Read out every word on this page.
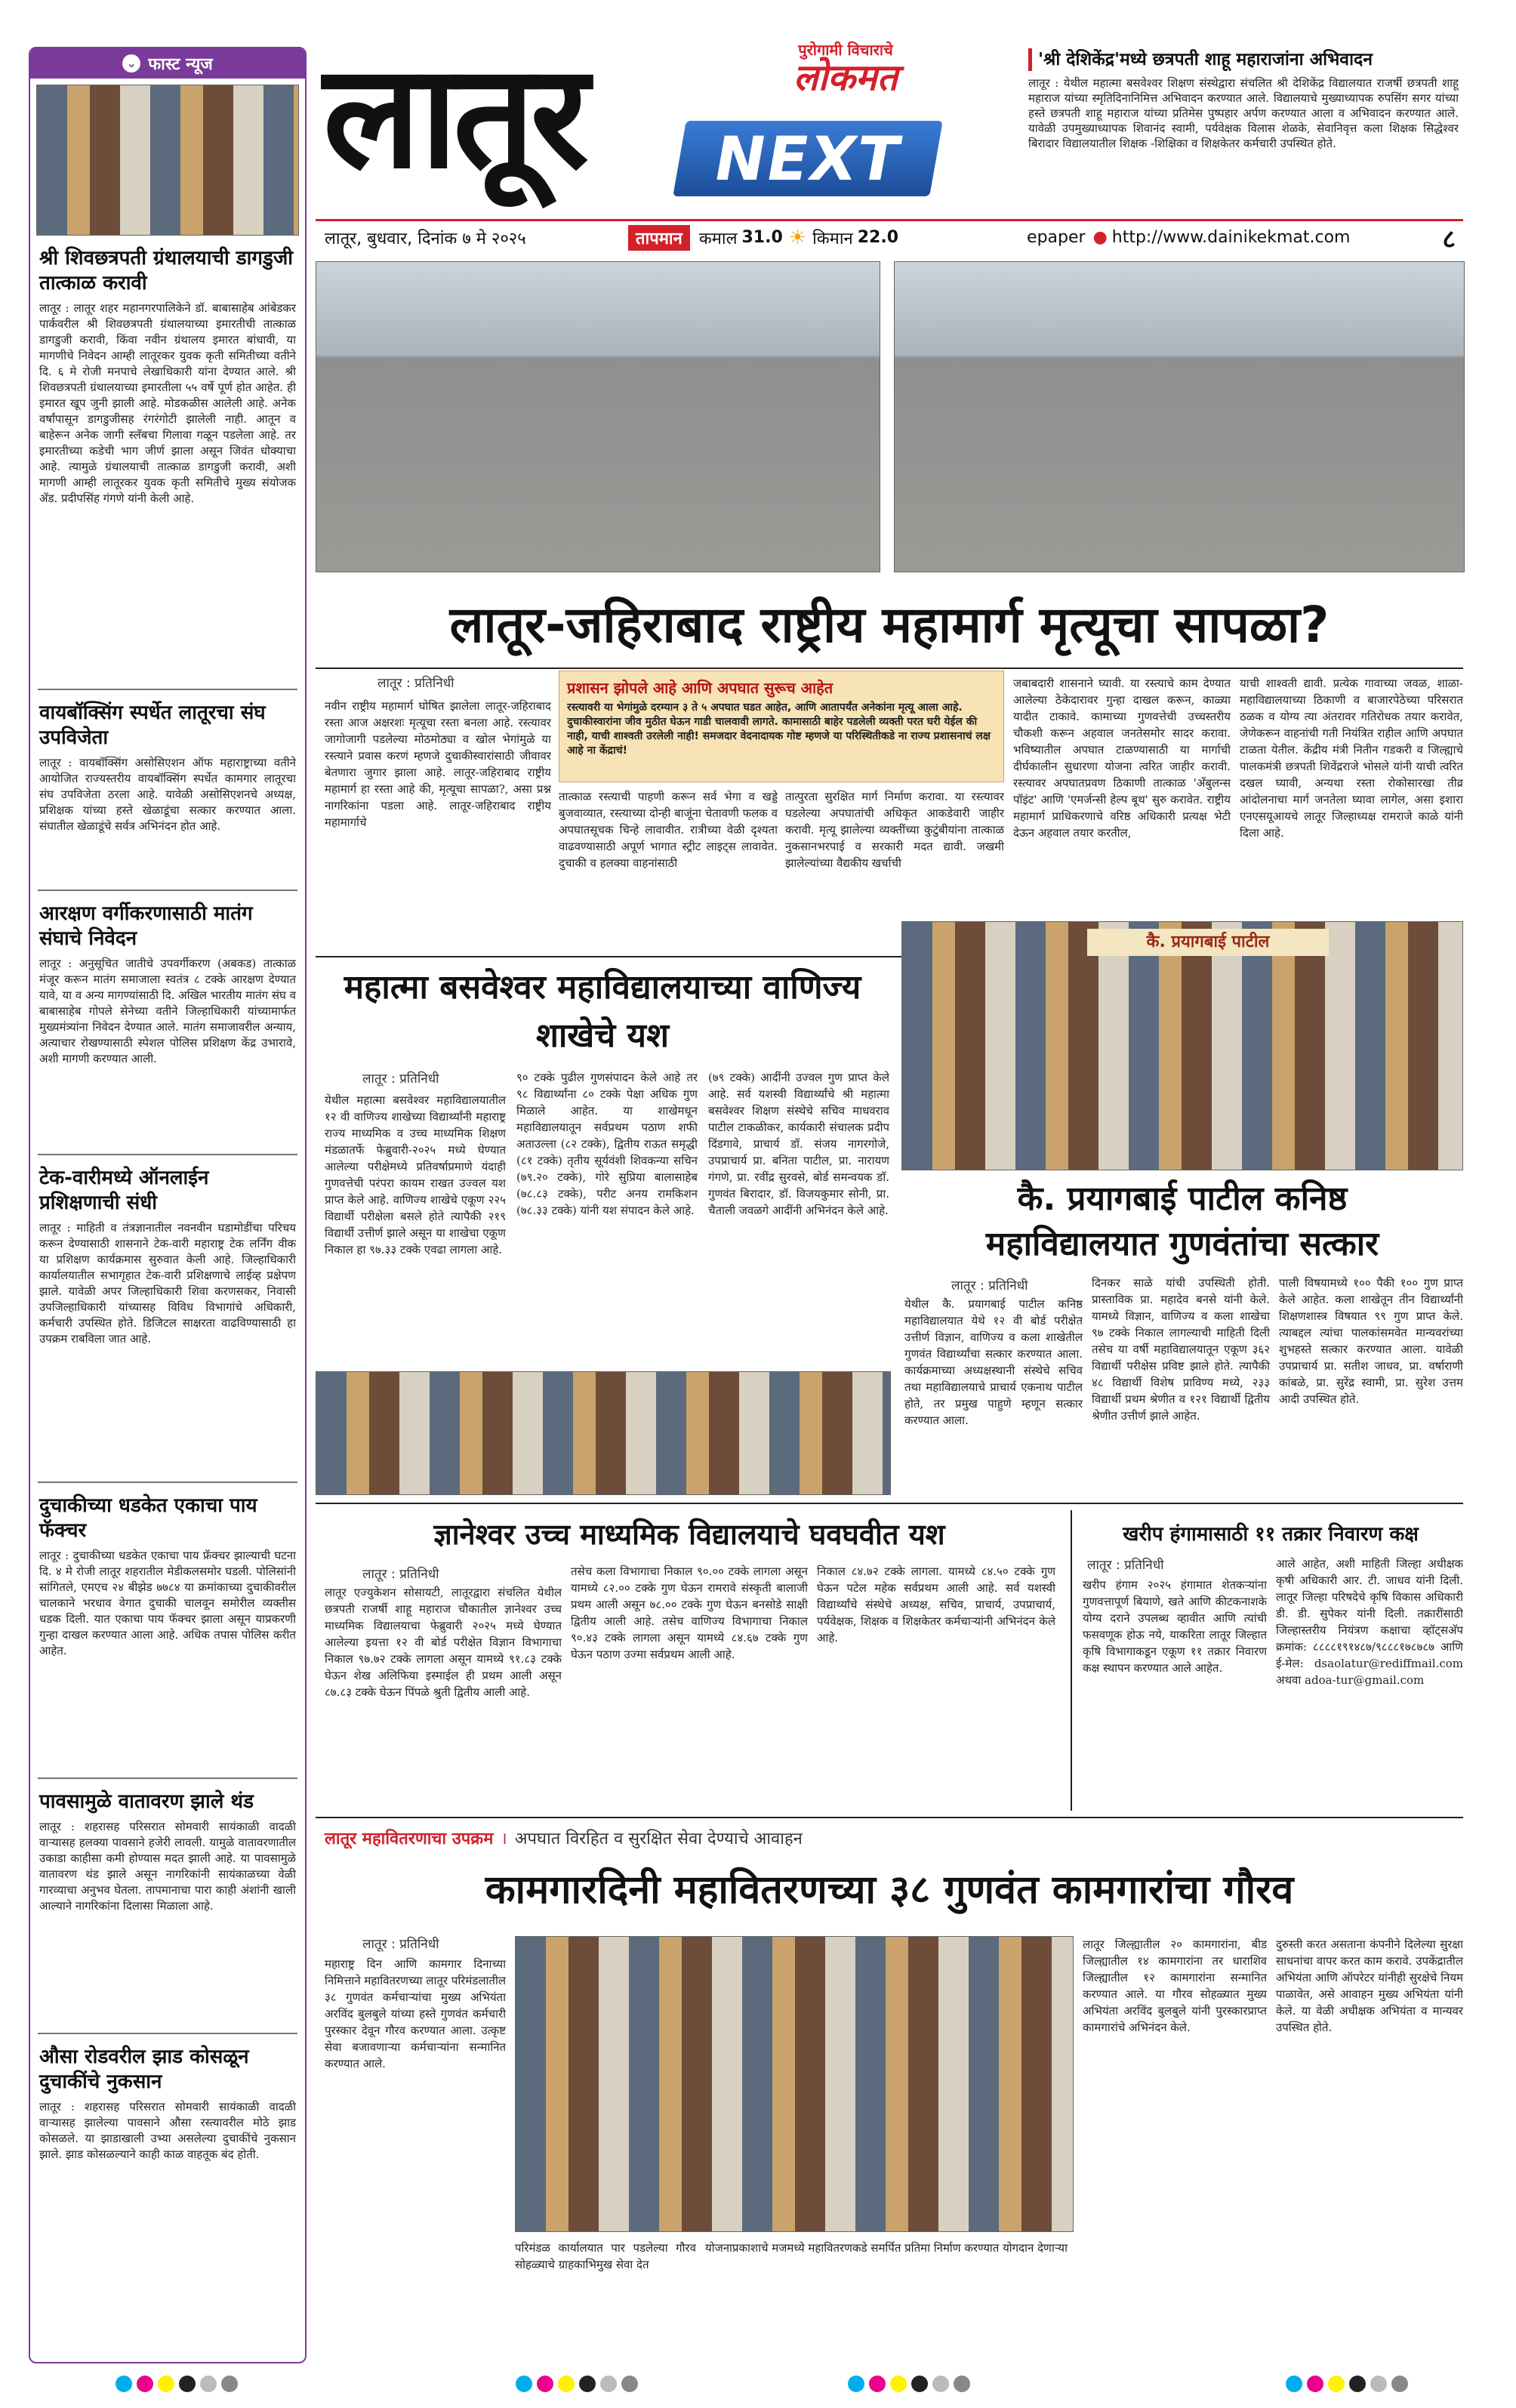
⌄ फास्ट न्यूज
श्री शिवछत्रपती ग्रंथालयाची डागडुजी तात्काळ करावी
लातूर : लातूर शहर महानगरपालिकेने डॉ. बाबासाहेब आंबेडकर पार्कवरील श्री शिवछत्रपती ग्रंथालयाच्या इमारतीची तात्काळ डागडुजी करावी, किंवा नवीन ग्रंथालय इमारत बांधावी, या मागणीचे निवेदन आम्ही लातूरकर युवक कृती समितीच्या वतीने दि. ६ मे रोजी मनपाचे लेखाधिकारी यांना देण्यात आले. श्री शिवछत्रपती ग्रंथालयाच्या इमारतीला ५५ वर्षे पूर्ण होत आहेत. ही इमारत खूप जुनी झाली आहे. मोडकळीस आलेली आहे. अनेक वर्षांपासून डागडुजीसह रंगरंगोटी झालेली नाही. आतून व बाहेरून अनेक जागी स्लॅबचा गिलावा गळून पडलेला आहे. तर इमारतीच्या कडेची भाग जीर्ण झाला असून जिवंत धोक्याचा आहे. त्यामुळे ग्रंथालयाची तात्काळ डागडुजी करावी, अशी मागणी आम्ही लातूरकर युवक कृती समितीचे मुख्य संयोजक ॲड. प्रदीपसिंह गंगणे यांनी केली आहे.
वायबॉक्सिंग स्पर्धेत लातूरचा संघ उपविजेता
लातूर : वायबॉक्सिंग असोसिएशन ऑफ महाराष्ट्राच्या वतीने आयोजित राज्यस्तरीय वायबॉक्सिंग स्पर्धेत कामगार लातूरचा संघ उपविजेता ठरला आहे. यावेळी असोसिएशनचे अध्यक्ष, प्रशिक्षक यांच्या हस्ते खेळाडूंचा सत्कार करण्यात आला. संघातील खेळाडूंचे सर्वत्र अभिनंदन होत आहे.
आरक्षण वर्गीकरणासाठी मातंग संघाचे निवेदन
लातूर : अनुसूचित जातीचे उपवर्गीकरण (अबकड) तात्काळ मंजूर करून मातंग समाजाला स्वतंत्र ८ टक्के आरक्षण देण्यात यावे, या व अन्य मागण्यांसाठी दि. अखिल भारतीय मातंग संघ व बाबासाहेब गोपले सेनेच्या वतीने जिल्हाधिकारी यांच्यामार्फत मुख्यमंत्र्यांना निवेदन देण्यात आले. मातंग समाजावरील अन्याय, अत्याचार रोखण्यासाठी स्पेशल पोलिस प्रशिक्षण केंद्र उभारावे, अशी मागणी करण्यात आली.
टेक-वारीमध्ये ऑनलाईन प्रशिक्षणाची संधी
लातूर : माहिती व तंत्रज्ञानातील नवनवीन घडामोडींचा परिचय करून देण्यासाठी शासनाने टेक-वारी महाराष्ट्र टेक लर्निंग वीक या प्रशिक्षण कार्यक्रमास सुरुवात केली आहे. जिल्हाधिकारी कार्यालयातील सभागृहात टेक-वारी प्रशिक्षणाचे लाईव्ह प्रक्षेपण झाले. यावेळी अपर जिल्हाधिकारी शिवा करणसकर, निवासी उपजिल्हाधिकारी यांच्यासह विविध विभागांचे अधिकारी, कर्मचारी उपस्थित होते. डिजिटल साक्षरता वाढविण्यासाठी हा उपक्रम राबविला जात आहे.
दुचाकीच्या धडकेत एकाचा पाय फॅक्चर
लातूर : दुचाकीच्या धडकेत एकाचा पाय फ्रॅक्चर झाल्याची घटना दि. ४ मे रोजी लातूर शहरातील मेडीकलसमोर घडली. पोलिसांनी सांगितले, एमएच २४ बीझेड ७७८४ या क्रमांकाच्या दुचाकीवरील चालकाने भरधाव वेगात दुचाकी चालवून समोरील व्यक्तीस धडक दिली. यात एकाचा पाय फॅक्चर झाला असून याप्रकरणी गुन्हा दाखल करण्यात आला आहे. अधिक तपास पोलिस करीत आहेत.
पावसामुळे वातावरण झाले थंड
लातूर : शहरासह परिसरात सोमवारी सायंकाळी वादळी वाऱ्यासह हलक्या पावसाने हजेरी लावली. यामुळे वातावरणातील उकाडा काहीसा कमी होण्यास मदत झाली आहे. या पावसामुळे वातावरण थंड झाले असून नागरिकांनी सायंकाळच्या वेळी गारव्याचा अनुभव घेतला. तापमानाचा पारा काही अंशांनी खाली आल्याने नागरिकांना दिलासा मिळाला आहे.
औसा रोडवरील झाड कोसळून दुचाकींचे नुकसान
लातूर : शहरासह परिसरात सोमवारी सायंकाळी वादळी वाऱ्यासह झालेल्या पावसाने औसा रस्त्यावरील मोठे झाड कोसळले. या झाडाखाली उभ्या असलेल्या दुचाकींचे नुकसान झाले. झाड कोसळल्याने काही काळ वाहतूक बंद होती.
लातूर	पुरोगामी विचाराचे
लोकमत
NEXT
लातूर, बुधवार, दिनांक ७ मे २०२५	तापमान	कमाल 31.0 ☀ किमान 22.0	epaper ● http://www.dainikekmat.com	८
'श्री देशिकेंद्र'मध्ये छत्रपती शाहू महाराजांना अभिवादन
लातूर : येथील महात्मा बसवेश्वर शिक्षण संस्थेद्वारा संचलित श्री देशिकेंद्र विद्यालयात राजर्षी छत्रपती शाहू महाराज यांच्या स्मृतिदिनानिमित्त अभिवादन करण्यात आले. विद्यालयाचे मुख्याध्यापक रुपसिंग सगर यांच्या हस्ते छत्रपती शाहू महाराज यांच्या प्रतिमेस पुष्पहार अर्पण करण्यात आला व अभिवादन करण्यात आले. यावेळी उपमुख्याध्यापक शिवानंद स्वामी, पर्यवेक्षक विलास शेळके, सेवानिवृत्त कला शिक्षक सिद्धेश्वर बिरादार विद्यालयातील शिक्षक -शिक्षिका व शिक्षकेतर कर्मचारी उपस्थित होते.
लातूर-जहिराबाद राष्ट्रीय महामार्ग मृत्यूचा सापळा?
लातूर : प्रतिनिधी
नवीन राष्ट्रीय महामार्ग घोषित झालेला लातूर-जहिराबाद रस्ता आज अक्षरशः मृत्यूचा रस्ता बनला आहे. रस्त्यावर जागोजागी पडलेल्या मोठमोठ्या व खोल भेगांमुळे या रस्त्याने प्रवास करणं म्हणजे दुचाकीस्वारांसाठी जीवावर बेतणारा जुगार झाला आहे. लातूर-जहिराबाद राष्ट्रीय महामार्ग हा रस्ता आहे की, मृत्यूचा सापळा?, असा प्रश्न नागरिकांना पडला आहे. लातूर-जहिराबाद राष्ट्रीय महामार्गाचे
प्रशासन झोपले आहे आणि अपघात सुरूच आहेत
रस्त्यावरी या भेगांमुळे दरम्यान ३ ते ५ अपघात घडत आहेत, आणि आतापर्यंत अनेकांना मृत्यू आला आहे. दुचाकीस्वारांना जीव मुठीत घेऊन गाडी चालवावी लागते. कामासाठी बाहेर पडलेली व्यक्ती परत घरी येईल की नाही, याची शाश्वती उरलेली नाही! समजदार वेदनादायक गोष्ट म्हणजे या परिस्थितीकडे ना राज्य प्रशासनाचं लक्ष आहे ना केंद्राचं!
तात्काळ रस्त्याची पाहणी करून सर्व भेगा व खड्डे बुजवाव्यात, रस्त्याच्या दोन्ही बाजूंना चेतावणी फलक व अपघातसूचक चिन्हे लावावीत. रात्रीच्या वेळी दृश्यता वाढवण्यासाठी अपूर्ण भागात स्ट्रीट लाइट्स लावावेत. दुचाकी व हलक्या वाहनांसाठी
तात्पुरता सुरक्षित मार्ग निर्माण करावा. या रस्त्यावर घडलेल्या अपघातांची अधिकृत आकडेवारी जाहीर करावी. मृत्यू झालेल्या व्यक्तींच्या कुटुंबीयांना तात्काळ नुकसानभरपाई व सरकारी मदत द्यावी. जखमी झालेल्यांच्या वैद्यकीय खर्चाची
जबाबदारी शासनाने घ्यावी. या रस्त्याचे काम देण्यात आलेल्या ठेकेदारावर गुन्हा दाखल करून, काळ्या यादीत टाकावे. कामाच्या गुणवत्तेची उच्चस्तरीय चौकशी करून अहवाल जनतेसमोर सादर करावा. भविष्यातील अपघात टाळण्यासाठी या मार्गाची दीर्घकालीन सुधारणा योजना त्वरित जाहीर करावी. रस्त्यावर अपघातप्रवण ठिकाणी तात्काळ 'अँबुलन्स पॉइंट' आणि 'एमर्जन्सी हेल्प बूथ' सुरु करावेत. राष्ट्रीय महामार्ग प्राधिकरणाचे वरिष्ठ अधिकारी प्रत्यक्ष भेटी देऊन अहवाल तयार करतील,
याची शाश्वती द्यावी. प्रत्येक गावाच्या जवळ, शाळा-महाविद्यालयाच्या ठिकाणी व बाजारपेठेच्या परिसरात ठळक व योग्य त्या अंतरावर गतिरोधक तयार करावेत, जेणेकरून वाहनांची गती नियंत्रित राहील आणि अपघात टाळता येतील. केंद्रीय मंत्री नितीन गडकरी व जिल्ह्याचे पालकमंत्री छत्रपती शिवेंद्रराजे भोसले यांनी याची त्वरित दखल घ्यावी, अन्यथा रस्ता रोकोसारखा तीव्र आंदोलनाचा मार्ग जनतेला घ्यावा लागेल, असा इशारा एनएसयूआयचे लातूर जिल्हाध्यक्ष रामराजे काळे यांनी दिला आहे.
महात्मा बसवेश्वर महाविद्यालयाच्या वाणिज्य शाखेचे यश
लातूर : प्रतिनिधी
येथील महात्मा बसवेश्वर महाविद्यालयातील १२ वी वाणिज्य शाखेच्या विद्यार्थ्यांनी महाराष्ट्र राज्य माध्यमिक व उच्च माध्यमिक शिक्षण मंडळातर्फे फेब्रुवारी-२०२५ मध्ये घेण्यात आलेल्या परीक्षेमध्ये प्रतिवर्षाप्रमाणे यंदाही गुणवत्तेची परंपरा कायम राखत उज्वल यश प्राप्त केले आहे. वाणिज्य शाखेचे एकूण २२५ विद्यार्थी परीक्षेला बसले होते त्यापैकी २१९ विद्यार्थी उत्तीर्ण झाले असून या शाखेचा एकूण निकाल हा ९७.३३ टक्के एवढा लागला आहे.
९० टक्के पुढील गुणसंपादन केले आहे तर ९८ विद्यार्थ्यांना ८० टक्के पेक्षा अधिक गुण मिळाले आहेत. या शाखेमधून महाविद्यालयातून सर्वप्रथम पठाण शफी अताउल्ला (८२ टक्के), द्वितीय राऊत समृद्धी (८१ टक्के) तृतीय सूर्यवंशी शिवकन्या सचिन (७९.२० टक्के), गोरे सुप्रिया बालासाहेब (७८.८३ टक्के), परीट अनय रामकिशन (७८.३३ टक्के) यांनी यश संपादन केले आहे.
(७९ टक्के) आदींनी उज्वल गुण प्राप्त केले आहे. सर्व यशस्वी विद्यार्थ्यांचे श्री महात्मा बसवेश्वर शिक्षण संस्थेचे सचिव माधवराव पाटील टाकळीकर, कार्यकारी संचालक प्रदीप दिंडगावे, प्राचार्य डॉ. संजय नागरगोजे, उपप्राचार्य प्रा. बनिता पाटील, प्रा. नारायण गंगणे, प्रा. रवींद्र सुरवसे, बोर्ड समन्वयक डॉ. गुणवंत बिरादार, डॉ. विजयकुमार सोनी, प्रा. चैताली जवळगे आदींनी अभिनंदन केले आहे.
कै. प्रयागबाई पाटील
कै. प्रयागबाई पाटील कनिष्ठ
महाविद्यालयात गुणवंतांचा सत्कार
लातूर : प्रतिनिधी
येथील कै. प्रयागबाई पाटील कनिष्ठ महाविद्यालयात येथे १२ वी बोर्ड परीक्षेत उत्तीर्ण विज्ञान, वाणिज्य व कला शाखेतील गुणवंत विद्यार्थ्यांचा सत्कार करण्यात आला. कार्यक्रमाच्या अध्यक्षस्थानी संस्थेचे सचिव तथा महाविद्यालयाचे प्राचार्य एकनाथ पाटील होते, तर प्रमुख पाहुणे म्हणून सत्कार करण्यात आला.
दिनकर साळे यांची उपस्थिती होती. प्रास्ताविक प्रा. महादेव बनसे यांनी केले. यामध्ये विज्ञान, वाणिज्य व कला शाखेचा ९७ टक्के निकाल लागल्याची माहिती दिली तसेच या वर्षी महाविद्यालयातून एकूण ३६२ विद्यार्थी परीक्षेस प्रविष्ट झाले होते. त्यापैकी ४८ विद्यार्थी विशेष प्राविण्य मध्ये, २३३ विद्यार्थी प्रथम श्रेणीत व १२१ विद्यार्थी द्वितीय श्रेणीत उत्तीर्ण झाले आहेत.
पाली विषयामध्ये १०० पैकी १०० गुण प्राप्त केले आहेत. कला शाखेतून तीन विद्यार्थ्यांनी शिक्षणशास्त्र विषयात ९९ गुण प्राप्त केले. त्याबद्दल त्यांचा पालकांसमवेत मान्यवरांच्या शुभहस्ते सत्कार करण्यात आला. यावेळी उपप्राचार्य प्रा. सतीश जाधव, प्रा. वर्षाराणी कांबळे, प्रा. सुरेंद्र स्वामी, प्रा. सुरेश उत्तम आदी उपस्थित होते.
ज्ञानेश्वर उच्च माध्यमिक विद्यालयाचे घवघवीत यश
लातूर : प्रतिनिधी
लातूर एज्युकेशन सोसायटी, लातूरद्वारा संचलित येथील छत्रपती राजर्षी शाहू महाराज चौकातील ज्ञानेश्वर उच्च माध्यमिक विद्यालयाचा फेब्रुवारी २०२५ मध्ये घेण्यात आलेल्या इयत्ता १२ वी बोर्ड परीक्षेत विज्ञान विभागाचा निकाल ९७.७२ टक्के लागला असून यामध्ये ९१.८३ टक्के घेऊन शेख अलिफिया इस्माईल ही प्रथम आली असून ८७.८३ टक्के घेऊन पिंपळे श्रुती द्वितीय आली आहे.
तसेच कला विभागाचा निकाल ९०.०० टक्के लागला असून यामध्ये ८२.०० टक्के गुण घेऊन रामरावे संस्कृती बालाजी प्रथम आली असून ७८.०० टक्के गुण घेऊन बनसोडे साक्षी द्वितीय आली आहे. तसेच वाणिज्य विभागाचा निकाल ९०.४३ टक्के लागला असून यामध्ये ८४.६७ टक्के गुण घेऊन पठाण उज्मा सर्वप्रथम आली आहे.
निकाल ८४.७२ टक्के लागला. यामध्ये ८४.५० टक्के गुण घेऊन पटेल महेक सर्वप्रथम आली आहे. सर्व यशस्वी विद्यार्थ्यांचे संस्थेचे अध्यक्ष, सचिव, प्राचार्य, उपप्राचार्य, पर्यवेक्षक, शिक्षक व शिक्षकेतर कर्मचाऱ्यांनी अभिनंदन केले आहे.
खरीप हंगामासाठी ११ तक्रार निवारण कक्ष
लातूर : प्रतिनिधी
खरीप हंगाम २०२५ हंगामात शेतकऱ्यांना गुणवत्तापूर्ण बियाणे, खते आणि कीटकनाशके योग्य दराने उपलब्ध व्हावीत आणि त्यांची फसवणूक होऊ नये, याकरिता लातूर जिल्हात कृषि विभागाकडून एकूण ११ तक्रार निवारण कक्ष स्थापन करण्यात आले आहेत.
आले आहेत, अशी माहिती जिल्हा अधीक्षक कृषी अधिकारी आर. टी. जाधव यांनी दिली. लातूर जिल्हा परिषदेचे कृषि विकास अधिकारी डी. डी. सुपेकर यांनी दिली. तक्रारींसाठी जिल्हास्तरीय नियंत्रण कक्षाचा व्हॉट्सअ‍ॅप क्रमांक: ८८८८१९१४८७/९८८८१७८७८७ आणि ई-मेल: dsaolatur@rediffmail.com अथवा adoa-tur@gmail.com
लातूर महावितरणाचा उपक्रम । अपघात विरहित व सुरक्षित सेवा देण्याचे आवाहन
कामगारदिनी महावितरणच्या ३८ गुणवंत कामगारांचा गौरव
लातूर : प्रतिनिधी
महाराष्ट्र दिन आणि कामगार दिनाच्या निमित्ताने महावितरणच्या लातूर परिमंडलातील ३८ गुणवंत कर्मचाऱ्यांचा मुख्य अभियंता अरविंद बुलबुले यांच्या हस्ते गुणवंत कर्मचारी पुरस्कार देवून गौरव करण्यात आला. उत्कृष्ट सेवा बजावणाऱ्या कर्मचाऱ्यांना सन्मानित करण्यात आले.
परिमंडळ कार्यालयात पार पडलेल्या गौरव सोहळ्याचे ग्राहकाभिमुख सेवा देत
योजनाप्रकाशाचे मजमध्ये महावितरणकडे समर्पित प्रतिमा निर्माण करण्यात योगदान देणाऱ्या
लातूर जिल्ह्यातील २० कामगारांना, बीड जिल्ह्यातील १४ कामगारांना तर धाराशिव जिल्ह्यातील १२ कामगारांना सन्मानित करण्यात आले. या गौरव सोहळ्यात मुख्य अभियंता अरविंद बुलबुले यांनी पुरस्कारप्राप्त कामगारांचे अभिनंदन केले.
दुरुस्ती करत असताना कंपनीने दिलेल्या सुरक्षा साधनांचा वापर करत काम करावे. उपकेंद्रातील अभियंता आणि ऑपरेटर यांनीही सुरक्षेचे नियम पाळावेत, असे आवाहन मुख्य अभियंता यांनी केले. या वेळी अधीक्षक अभियंता व मान्यवर उपस्थित होते.
